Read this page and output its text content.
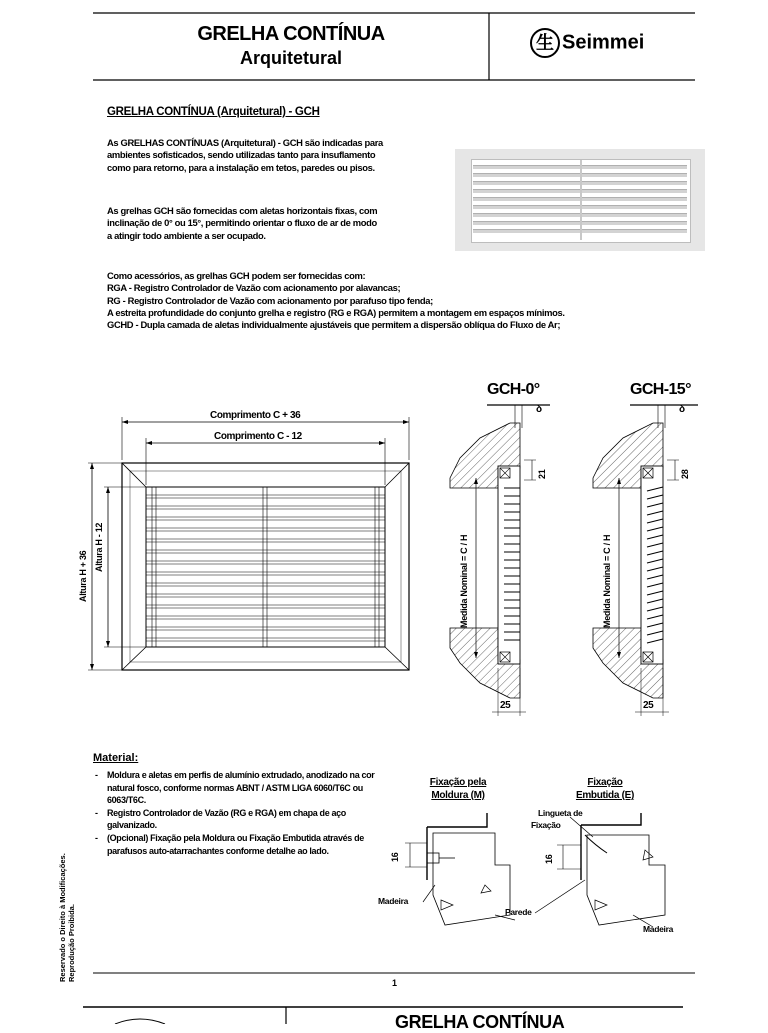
GRELHA CONTÍNUA
Arquitetural
生 Seimmei
GRELHA CONTÍNUA (Arquitetural) - GCH
As GRELHAS CONTÍNUAS (Arquitetural) - GCH são indicadas para
ambientes sofisticados, sendo utilizadas tanto para insuflamento
como para retorno, para a instalação em tetos, paredes ou pisos.
As grelhas GCH são fornecidas com aletas horizontais fixas, com
inclinação de 0° ou 15°, permitindo orientar o fluxo de ar de modo
a atingir todo ambiente a ser ocupado.
Como acessórios, as grelhas GCH podem ser fornecidas com:
RGA - Registro Controlador de Vazão com acionamento por alavancas;
RG - Registro Controlador de Vazão com acionamento por parafuso tipo fenda;
A estreita profundidade do conjunto grelha e registro (RG e RGA) permitem a montagem em espaços mínimos.
GCHD - Dupla camada de aletas individualmente ajustáveis que permitem a dispersão oblíqua do Fluxo de Ar;
Comprimento C + 36
Comprimento C - 12
Altura H + 36
Altura H - 12
GCH-0°	GCH-15°
δ	δ
21	28
Medida Nominal = C / H	Medida Nominal = C / H
25	25
Material:
- Moldura e aletas em perfis de alumínio extrudado, anodizado na cor natural fosco, conforme normas ABNT / ASTM LIGA 6060/T6C ou 6063/T6C.
- Registro Controlador de Vazão (RG e RGA) em chapa de aço galvanizado.
- (Opcional) Fixação pela Moldura ou Fixação Embutida através de parafusos auto-atarrachantes conforme detalhe ao lado.
Fixação pela
Moldura (M)
Fixação
Embutida (E)
Lingueta de
Fixação
16	16
Madeira
Parede
Madeira
Reservado o Direito à Modificações. Reprodução Proibida.
1
GRELHA CONTÍNUA
